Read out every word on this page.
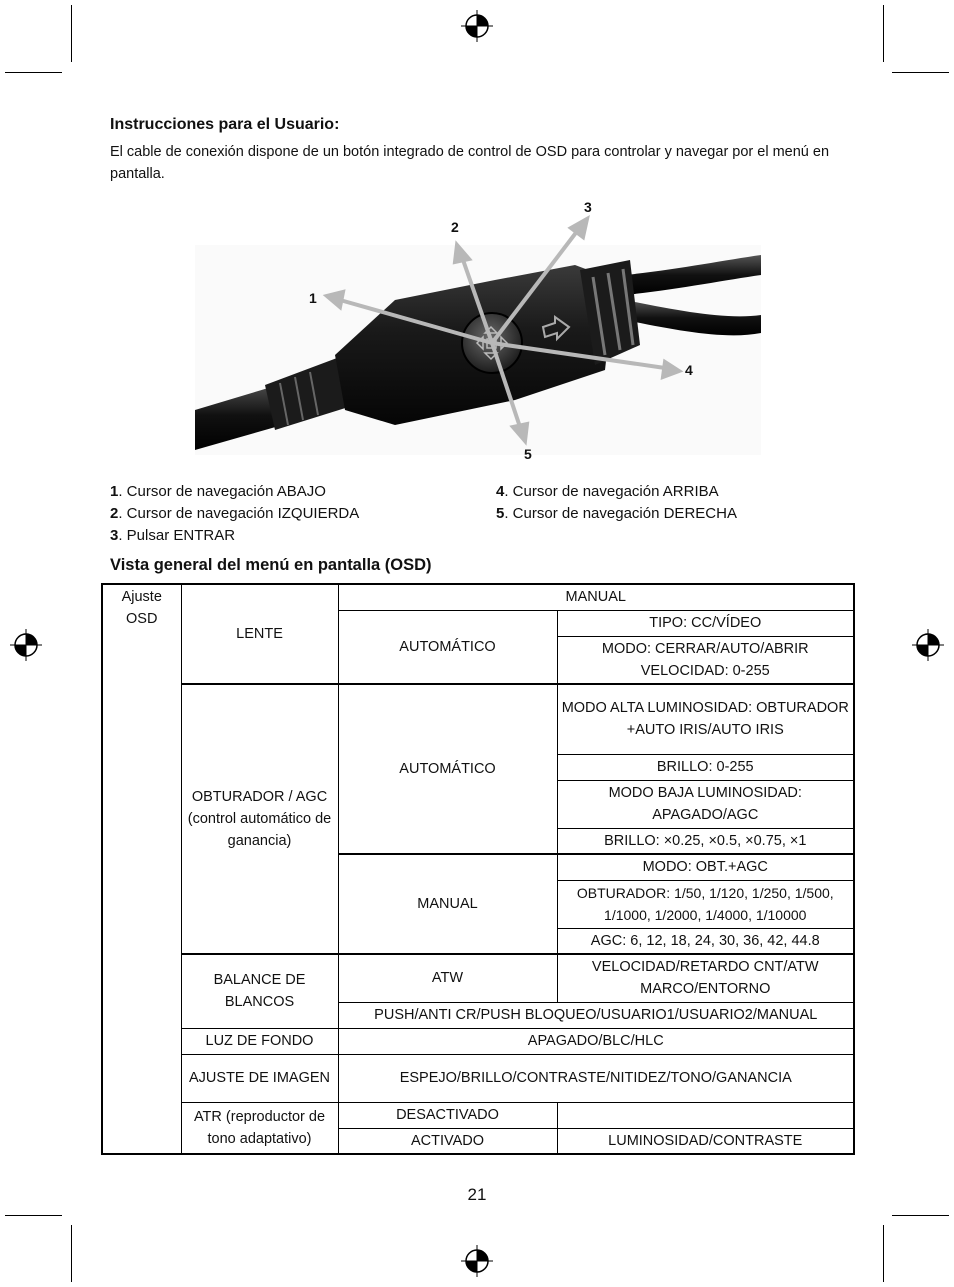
Instrucciones para el Usuario:

El cable de conexión dispone de un botón integrado de control de OSD para controlar y navegar por el menú en pantalla.

1
2
3
4
5
1. Cursor de navegación ABAJO
2. Cursor de navegación IZQUIERDA
3. Pulsar ENTRAR
4. Cursor de navegación ARRIBA
5. Cursor de navegación DERECHA
Vista general del menú en pantalla (OSD)
Ajuste OSD	LENTE	MANUAL	
		AUTOMÁTICO	TIPO: CC/VÍDEO
			MODO: CERRAR/AUTO/ABRIR VELOCIDAD: 0-255
	OBTURADOR / AGC (control automático de ganancia)	AUTOMÁTICO	MODO ALTA LUMINOSIDAD: OBTURADOR +AUTO IRIS/AUTO IRIS
			BRILLO: 0-255
			MODO BAJA LUMINOSIDAD: APAGADO/AGC
			BRILLO: ×0.25, ×0.5, ×0.75, ×1
		MANUAL	MODO: OBT.+AGC
			OBTURADOR: 1/50, 1/120, 1/250, 1/500, 1/1000, 1/2000, 1/4000, 1/10000
			AGC: 6, 12, 18, 24, 30, 36, 42, 44.8
	BALANCE DE BLANCOS	ATW	VELOCIDAD/RETARDO CNT/ATW MARCO/ENTORNO
		PUSH/ANTI CR/PUSH BLOQUEO/USUARIO1/USUARIO2/MANUAL	
	LUZ DE FONDO	APAGADO/BLC/HLC	
	AJUSTE DE IMAGEN	ESPEJO/BRILLO/CONTRASTE/NITIDEZ/TONO/GANANCIA	
	ATR (reproductor de tono adaptativo)	DESACTIVADO	
		ACTIVADO	LUMINOSIDAD/CONTRASTE
21
